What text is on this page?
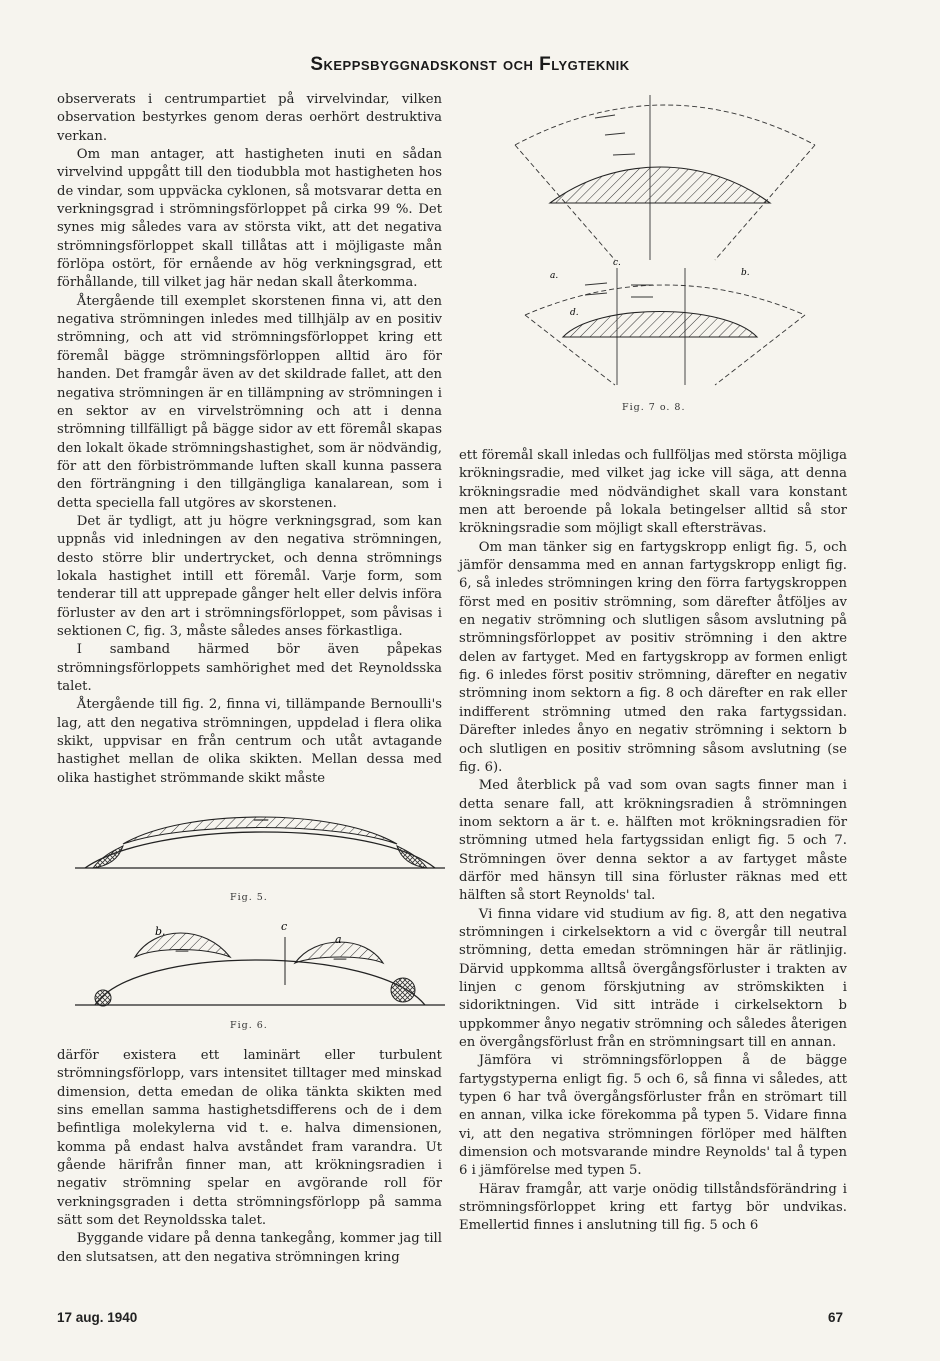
Skeppsbyggnadskonst och Flygteknik

observerats i centrumpartiet på virvelvindar, vilken observation bestyrkes genom deras oerhört destruktiva verkan.

Om man antager, att hastigheten inuti en sådan virvelvind uppgått till den tiodubbla mot hastigheten hos de vindar, som uppväcka cyklonen, så motsvarar detta en verkningsgrad i strömningsförloppet på cirka 99 %. Det synes mig således vara av största vikt, att det negativa strömningsförloppet skall tillåtas att i möjligaste mån förlöpa ostört, för ernående av hög verkningsgrad, ett förhållande, till vilket jag här nedan skall återkomma.

Återgående till exemplet skorstenen finna vi, att den negativa strömningen inledes med tillhjälp av en positiv strömning, och att vid strömningsförloppet kring ett föremål bägge strömningsförloppen alltid äro för handen. Det framgår även av det skildrade fallet, att den negativa strömningen är en tillämpning av strömningen i en sektor av en virvelströmning och att i denna strömning tillfälligt på bägge sidor av ett föremål skapas den lokalt ökade strömningshastighet, som är nödvändig, för att den förbiströmmande luften skall kunna passera den förträngning i den tillgängliga kanalarean, som i detta speciella fall utgöres av skorstenen.

Det är tydligt, att ju högre verkningsgrad, som kan uppnås vid inledningen av den negativa strömningen, desto större blir undertrycket, och denna strömnings lokala hastighet intill ett föremål. Varje form, som tenderar till att upprepade gånger helt eller delvis införa förluster av den art i strömningsförloppet, som påvisas i sektionen C, fig. 3, måste således anses förkastliga.

I samband härmed bör även påpekas strömningsförloppets samhörighet med det Reynoldsska talet.

Återgående till fig. 2, finna vi, tillämpande Bernoulli's lag, att den negativa strömningen, uppdelad i flera olika skikt, uppvisar en från centrum och utåt avtagande hastighet mellan de olika skikten. Mellan dessa med olika hastighet strömmande skikt måste

—
Fig. 5.
b.	c
a
—	—
Fig. 6.

därför existera ett laminärt eller turbulent strömningsförlopp, vars intensitet tilltager med minskad dimension, detta emedan de olika tänkta skikten med sins emellan samma hastighetsdifferens och de i dem befintliga molekylerna vid t. e. halva dimensionen, komma på endast halva avståndet fram varandra. Ut gående härifrån finner man, att krökningsradien i negativ strömning spelar en avgörande roll för verkningsgraden i detta strömningsförlopp på samma sätt som det Reynoldsska talet.

Byggande vidare på denna tankegång, kommer jag till den slutsatsen, att den negativa strömningen kring

a.
c.
b.
d.
Fig. 7 o. 8.

ett föremål skall inledas och fullföljas med största möjliga krökningsradie, med vilket jag icke vill säga, att denna krökningsradie med nödvändighet skall vara konstant men att beroende på lokala betingelser alltid så stor krökningsradie som möjligt skall eftersträvas.

Om man tänker sig en fartygskropp enligt fig. 5, och jämför densamma med en annan fartygskropp enligt fig. 6, så inledes strömningen kring den förra fartygskroppen först med en positiv strömning, som därefter åtföljes av en negativ strömning och slutligen såsom avslutning på strömningsförloppet av positiv strömning i den aktre delen av fartyget. Med en fartygskropp av formen enligt fig. 6 inledes först positiv strömning, därefter en negativ strömning inom sektorn a fig. 8 och därefter en rak eller indifferent strömning utmed den raka fartygssidan. Därefter inledes ånyo en negativ strömning i sektorn b och slutligen en positiv strömning såsom avslutning (se fig. 6).

Med återblick på vad som ovan sagts finner man i detta senare fall, att krökningsradien å strömningen inom sektorn a är t. e. hälften mot krökningsradien för strömning utmed hela fartygssidan enligt fig. 5 och 7. Strömningen över denna sektor a av fartyget måste därför med hänsyn till sina förluster räknas med ett hälften så stort Reynolds' tal.

Vi finna vidare vid studium av fig. 8, att den negativa strömningen i cirkelsektorn a vid c övergår till neutral strömning, detta emedan strömningen här är rätlinjig. Därvid uppkomma alltså övergångsförluster i trakten av linjen c genom förskjutning av strömskikten i sidoriktningen. Vid sitt inträde i cirkelsektorn b uppkommer ånyo negativ strömning och således återigen en övergångsförlust från en strömningsart till en annan.

Jämföra vi strömningsförloppen å de bägge fartygstyperna enligt fig. 5 och 6, så finna vi således, att typen 6 har två övergångsförluster från en strömart till en annan, vilka icke förekomma på typen 5. Vidare finna vi, att den negativa strömningen förlöper med hälften dimension och motsvarande mindre Reynolds' tal å typen 6 i jämförelse med typen 5.

Härav framgår, att varje onödig tillståndsförändring i strömningsförloppet kring ett fartyg bör undvikas. Emellertid finnes i anslutning till fig. 5 och 6

17 aug. 1940	67
